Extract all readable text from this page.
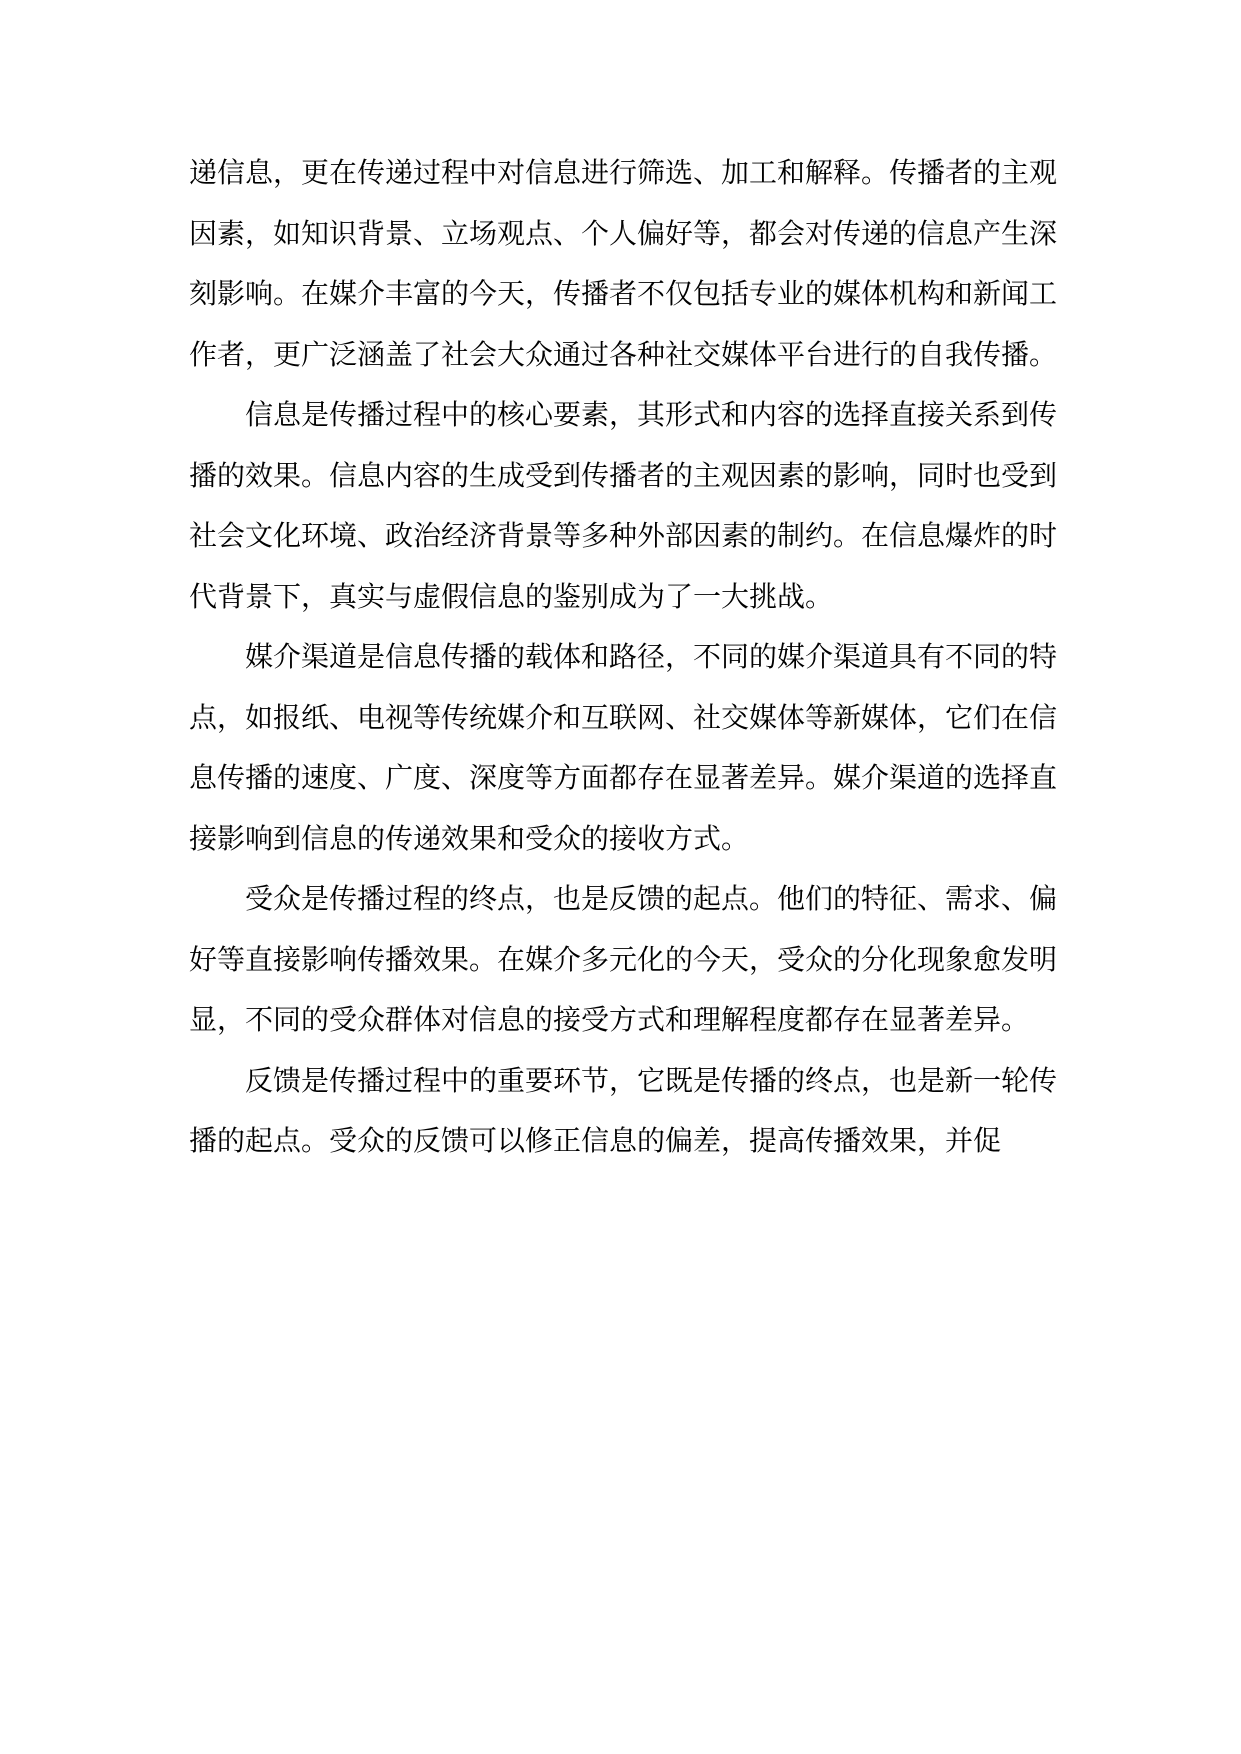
递信息，更在传递过程中对信息进行筛选、加工和解释。传播者的主观因素，如知识背景、立场观点、个人偏好等，都会对传递的信息产生深刻影响。在媒介丰富的今天，传播者不仅包括专业的媒体机构和新闻工作者，更广泛涵盖了社会大众通过各种社交媒体平台进行的自我传播。

信息是传播过程中的核心要素，其形式和内容的选择直接关系到传播的效果。信息内容的生成受到传播者的主观因素的影响，同时也受到社会文化环境、政治经济背景等多种外部因素的制约。在信息爆炸的时代背景下，真实与虚假信息的鉴别成为了一大挑战。

媒介渠道是信息传播的载体和路径，不同的媒介渠道具有不同的特点，如报纸、电视等传统媒介和互联网、社交媒体等新媒体，它们在信息传播的速度、广度、深度等方面都存在显著差异。媒介渠道的选择直接影响到信息的传递效果和受众的接收方式。

受众是传播过程的终点，也是反馈的起点。他们的特征、需求、偏好等直接影响传播效果。在媒介多元化的今天，受众的分化现象愈发明显，不同的受众群体对信息的接受方式和理解程度都存在显著差异。

反馈是传播过程中的重要环节，它既是传播的终点，也是新一轮传播的起点。受众的反馈可以修正信息的偏差，提高传播效果，并促
